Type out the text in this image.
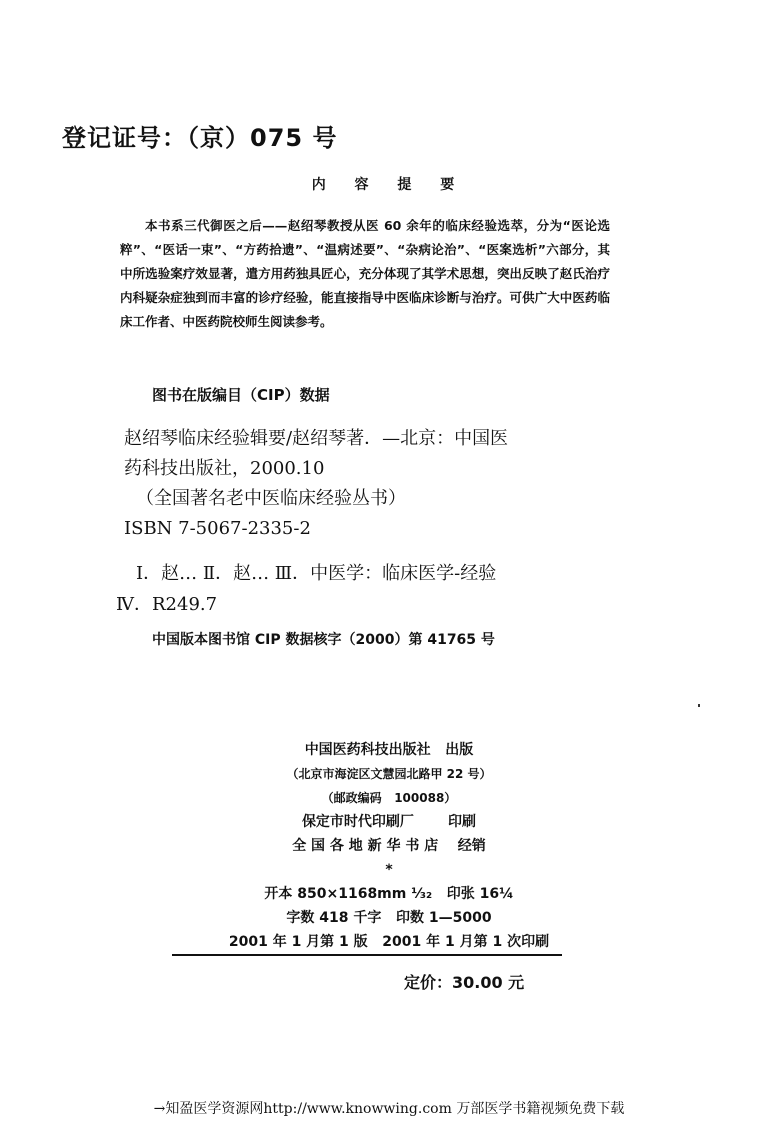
登记证号：（京）075 号
内 容 提 要
本书系三代御医之后——赵绍琴教授从医 60 余年的临床经验选萃，分为“医论选粹”、“医话一束”、“方药拾遗”、“温病述要”、“杂病论治”、“医案选析”六部分，其中所选验案疗效显著，遣方用药独具匠心，充分体现了其学术思想，突出反映了赵氏治疗内科疑杂症独到而丰富的诊疗经验，能直接指导中医临床诊断与治疗。可供广大中医药临床工作者、中医药院校师生阅读参考。
图书在版编目（CIP）数据
赵绍琴临床经验辑要/赵绍琴著．—北京：中国医
药科技出版社，2000.10
（全国著名老中医临床经验丛书）
ISBN 7-5067-2335-2
Ⅰ．赵… Ⅱ．赵… Ⅲ．中医学：临床医学-经验
Ⅳ．R249.7
中国版本图书馆 CIP 数据核字（2000）第 41765 号
中国医药科技出版社   出版
（北京市海淀区文慧园北路甲 22 号）
（邮政编码   100088）
保定市时代印刷厂       印刷
全 国 各 地 新 华 书 店    经销
*
开本 850×1168mm ⅟₃₂   印张 16¼
字数 418 千字   印数 1—5000
2001 年 1 月第 1 版   2001 年 1 月第 1 次印刷
定价：30.00 元
→知盈医学资源网http://www.knowwing.com 万部医学书籍视频免费下载
